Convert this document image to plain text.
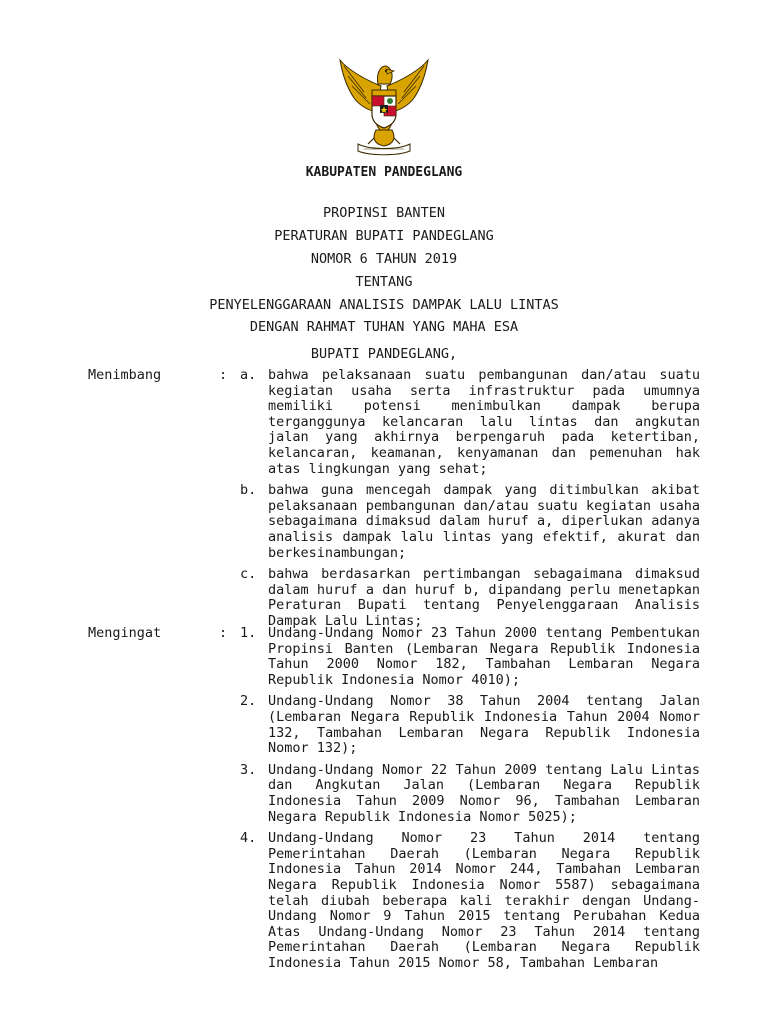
KABUPATEN PANDEGLANG
PROPINSI BANTEN
PERATURAN BUPATI PANDEGLANG
NOMOR 6 TAHUN 2019
TENTANG
PENYELENGGARAAN ANALISIS DAMPAK LALU LINTAS
DENGAN RAHMAT TUHAN YANG MAHA ESA
BUPATI PANDEGLANG,
Menimbang	: a. bahwa pelaksanaan suatu pembangunan dan/atau suatu kegiatan usaha serta infrastruktur pada umumnya memiliki potensi menimbulkan dampak berupa terganggunya kelancaran lalu lintas dan angkutan jalan yang akhirnya berpengaruh pada ketertiban, kelancaran, keamanan, kenyamanan dan pemenuhan hak atas lingkungan yang sehat;
b. bahwa guna mencegah dampak yang ditimbulkan akibat pelaksanaan pembangunan dan/atau suatu kegiatan usaha sebagaimana dimaksud dalam huruf a, diperlukan adanya analisis dampak lalu lintas yang efektif, akurat dan berkesinambungan;
c. bahwa berdasarkan pertimbangan sebagaimana dimaksud dalam huruf a dan huruf b, dipandang perlu menetapkan Peraturan Bupati tentang Penyelenggaraan Analisis Dampak Lalu Lintas;
Mengingat	: 1. Undang-Undang Nomor 23 Tahun 2000 tentang Pembentukan Propinsi Banten (Lembaran Negara Republik Indonesia Tahun 2000 Nomor 182, Tambahan Lembaran Negara Republik Indonesia Nomor 4010);
2. Undang-Undang Nomor 38 Tahun 2004 tentang Jalan (Lembaran Negara Republik Indonesia Tahun 2004 Nomor 132, Tambahan Lembaran Negara Republik Indonesia Nomor 132);
3. Undang-Undang Nomor 22 Tahun 2009 tentang Lalu Lintas dan Angkutan Jalan (Lembaran Negara Republik Indonesia Tahun 2009 Nomor 96, Tambahan Lembaran Negara Republik Indonesia Nomor 5025);
4. Undang-Undang Nomor 23 Tahun 2014 tentang Pemerintahan Daerah (Lembaran Negara Republik Indonesia Tahun 2014 Nomor 244, Tambahan Lembaran Negara Republik Indonesia Nomor 5587) sebagaimana telah diubah beberapa kali terakhir dengan Undang-Undang Nomor 9 Tahun 2015 tentang Perubahan Kedua Atas Undang-Undang Nomor 23 Tahun 2014 tentang Pemerintahan Daerah (Lembaran Negara Republik Indonesia Tahun 2015 Nomor 58, Tambahan Lembaran
